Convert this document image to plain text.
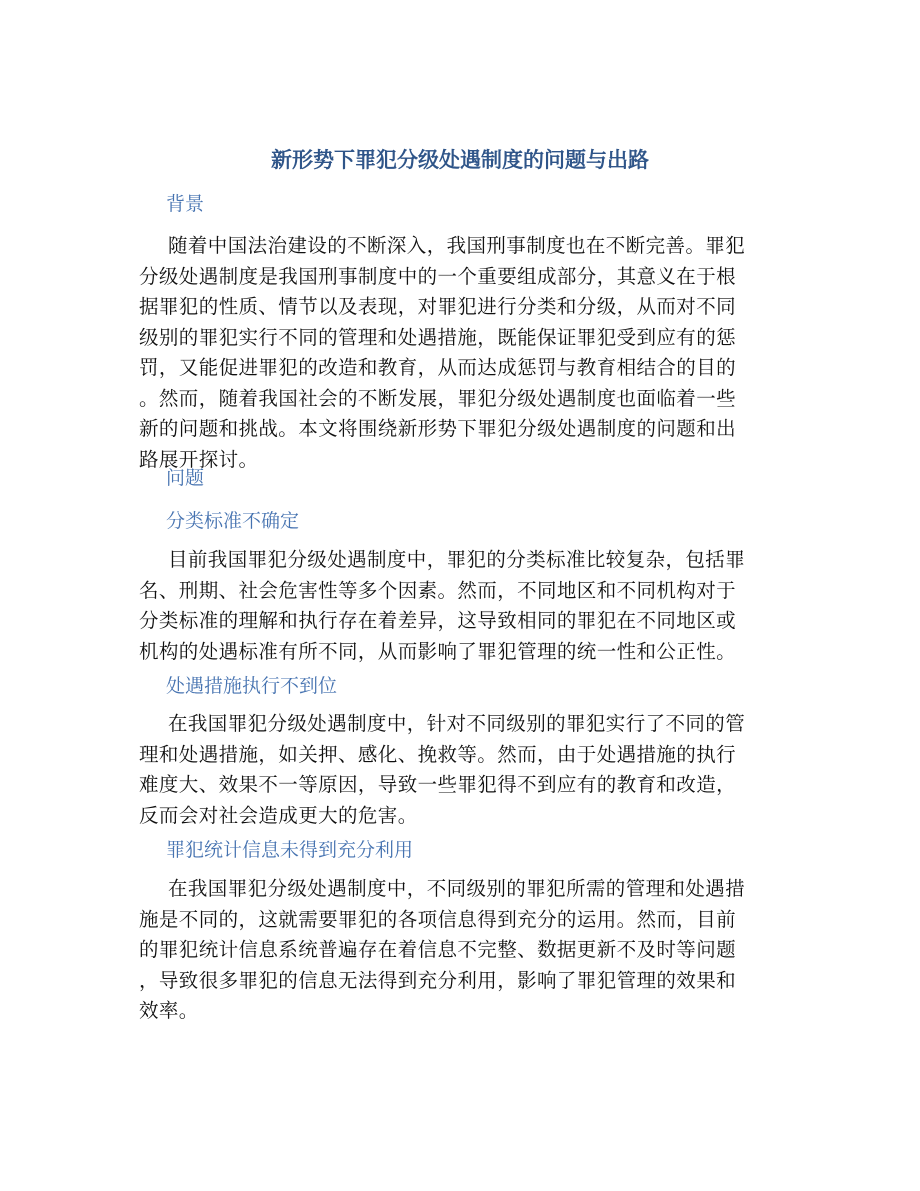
新形势下罪犯分级处遇制度的问题与出路
背景
随着中国法治建设的不断深入，我国刑事制度也在不断完善。罪犯
分级处遇制度是我国刑事制度中的一个重要组成部分，其意义在于根
据罪犯的性质、情节以及表现，对罪犯进行分类和分级，从而对不同
级别的罪犯实行不同的管理和处遇措施，既能保证罪犯受到应有的惩
罚，又能促进罪犯的改造和教育，从而达成惩罚与教育相结合的目的
。然而，随着我国社会的不断发展，罪犯分级处遇制度也面临着一些
新的问题和挑战。本文将围绕新形势下罪犯分级处遇制度的问题和出
路展开探讨。
问题
分类标准不确定
目前我国罪犯分级处遇制度中，罪犯的分类标准比较复杂，包括罪
名、刑期、社会危害性等多个因素。然而，不同地区和不同机构对于
分类标准的理解和执行存在着差异，这导致相同的罪犯在不同地区或
机构的处遇标准有所不同，从而影响了罪犯管理的统一性和公正性。
处遇措施执行不到位
在我国罪犯分级处遇制度中，针对不同级别的罪犯实行了不同的管
理和处遇措施，如关押、感化、挽救等。然而，由于处遇措施的执行
难度大、效果不一等原因，导致一些罪犯得不到应有的教育和改造，
反而会对社会造成更大的危害。
罪犯统计信息未得到充分利用
在我国罪犯分级处遇制度中，不同级别的罪犯所需的管理和处遇措
施是不同的，这就需要罪犯的各项信息得到充分的运用。然而，目前
的罪犯统计信息系统普遍存在着信息不完整、数据更新不及时等问题
，导致很多罪犯的信息无法得到充分利用，影响了罪犯管理的效果和
效率。
